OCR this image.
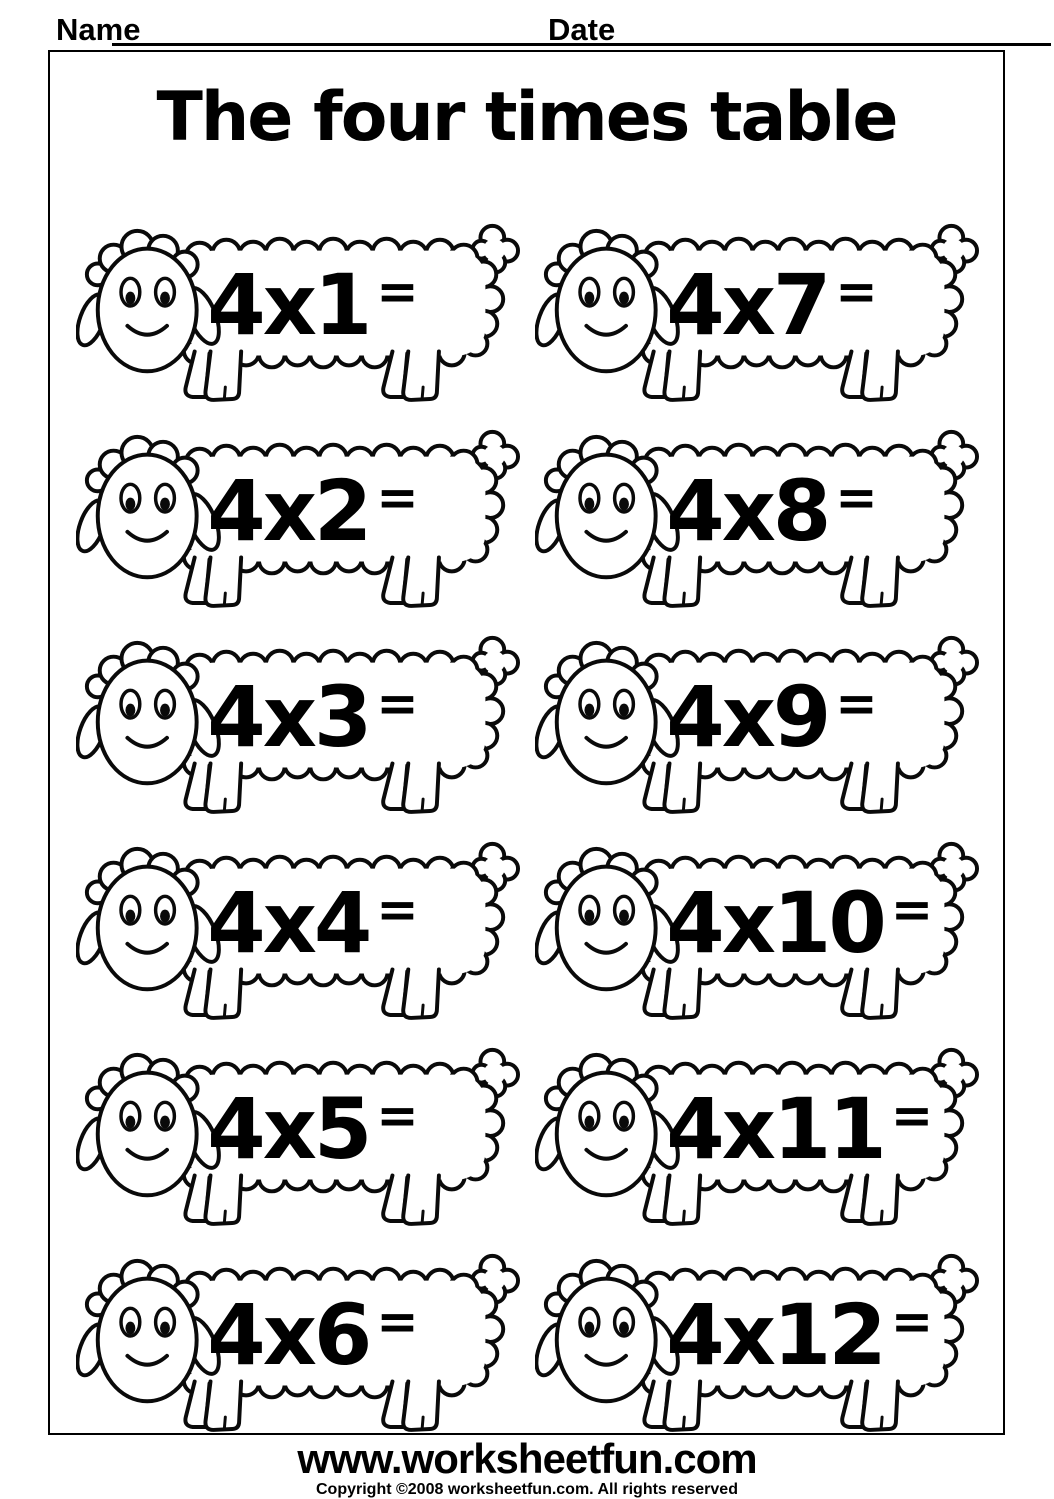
Name	Date
The four times table
4x1 =	4x7 =
4x2 =	4x8 =
4x3 =	4x9 =
4x4 =	4x10 =
4x5 =	4x11 =
4x6 =	4x12 =
www.worksheetfun.com
Copyright ©2008 worksheetfun.com. All rights reserved
